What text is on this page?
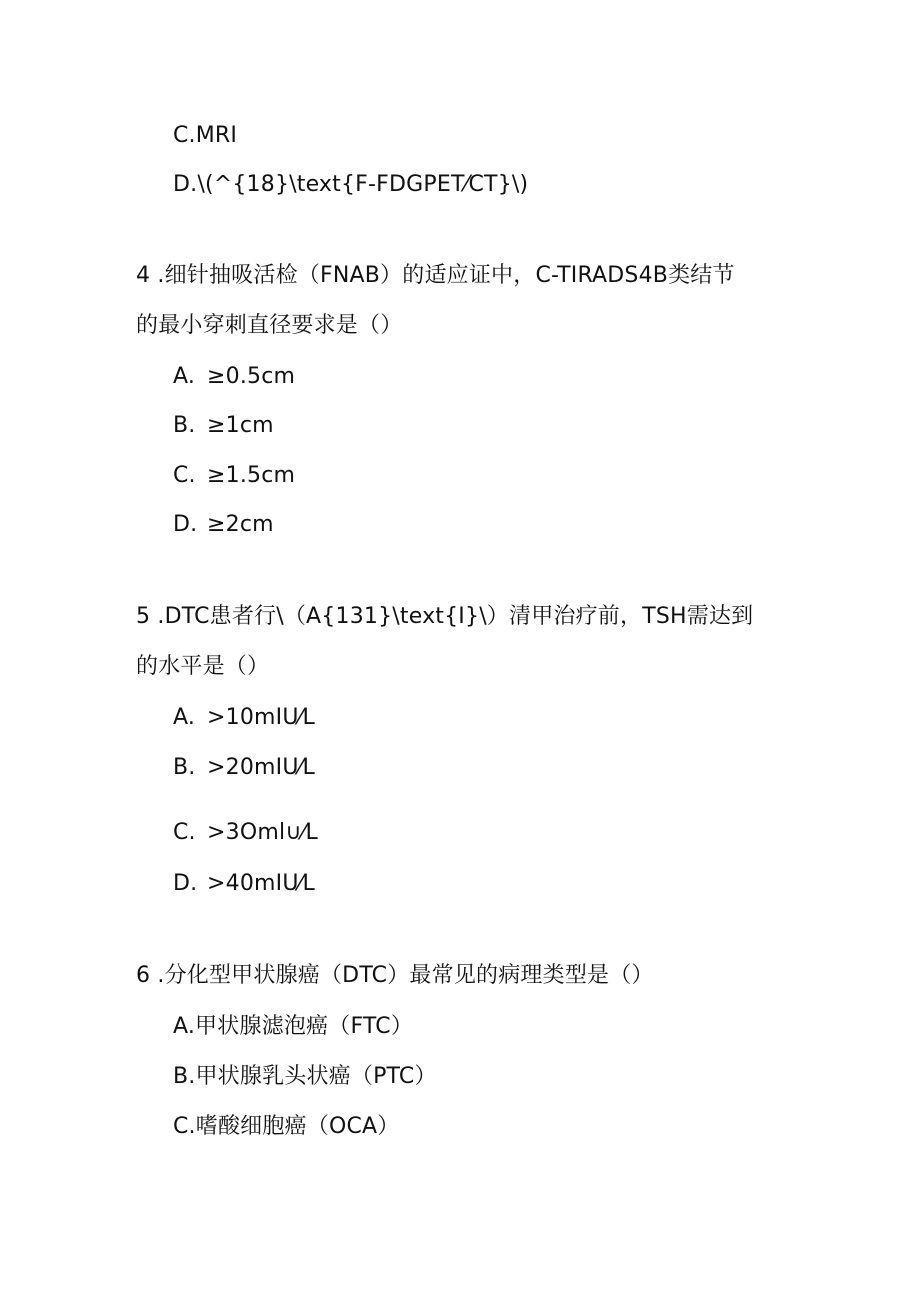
C.MRI
D.\(^{18}\text{F-FDGPET⁄CT}\)
4 .细针抽吸活检（FNAB）的适应证中，C-TIRADS4B类结节
的最小穿刺直径要求是（）
A. ≥0.5cm
B. ≥1cm
C. ≥1.5cm
D. ≥2cm
5 .DTC患者行\（A{131}\text{I}\）清甲治疗前，TSH需达到
的水平是（）
A. >10mIU⁄L
B. >20mIU⁄L
C. >3Oml∪⁄L
D. >40mIU⁄L
6 .分化型甲状腺癌（DTC）最常见的病理类型是（）
A.甲状腺滤泡癌（FTC）
B.甲状腺乳头状癌（PTC）
C.嗜酸细胞癌（OCA）
